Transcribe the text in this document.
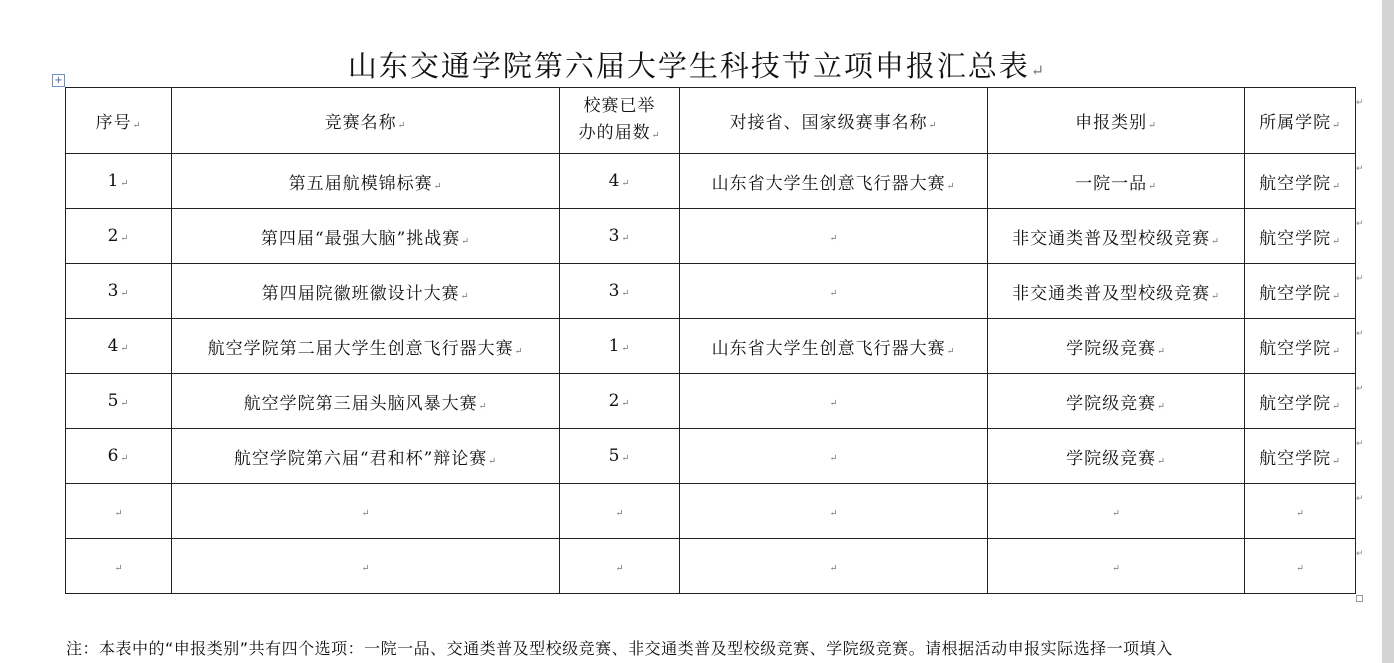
山东交通学院第六届大学生科技节立项申报汇总表↵
+
序号↵	竞赛名称↵	校赛已举
办的届数↵	对接省、国家级赛事名称↵	申报类别↵	所属学院↵
1↵	第五届航模锦标赛↵	4↵	山东省大学生创意飞行器大赛↵	一院一品↵	航空学院↵
2↵	第四届“最强大脑”挑战赛↵	3↵	↵	非交通类普及型校级竞赛↵	航空学院↵
3↵	第四届院徽班徽设计大赛↵	3↵	↵	非交通类普及型校级竞赛↵	航空学院↵
4↵	航空学院第二届大学生创意飞行器大赛↵	1↵	山东省大学生创意飞行器大赛↵	学院级竞赛↵	航空学院↵
5↵	航空学院第三届头脑风暴大赛↵	2↵	↵	学院级竞赛↵	航空学院↵
6↵	航空学院第六届“君和杯”辩论赛↵	5↵	↵	学院级竞赛↵	航空学院↵
↵	↵	↵	↵	↵	↵
↵	↵	↵	↵	↵	↵
↵
↵
↵
↵
↵
↵
↵
↵
↵
注：本表中的“申报类别”共有四个选项：一院一品、交通类普及型校级竞赛、非交通类普及型校级竞赛、学院级竞赛。请根据活动申报实际选择一项填入
